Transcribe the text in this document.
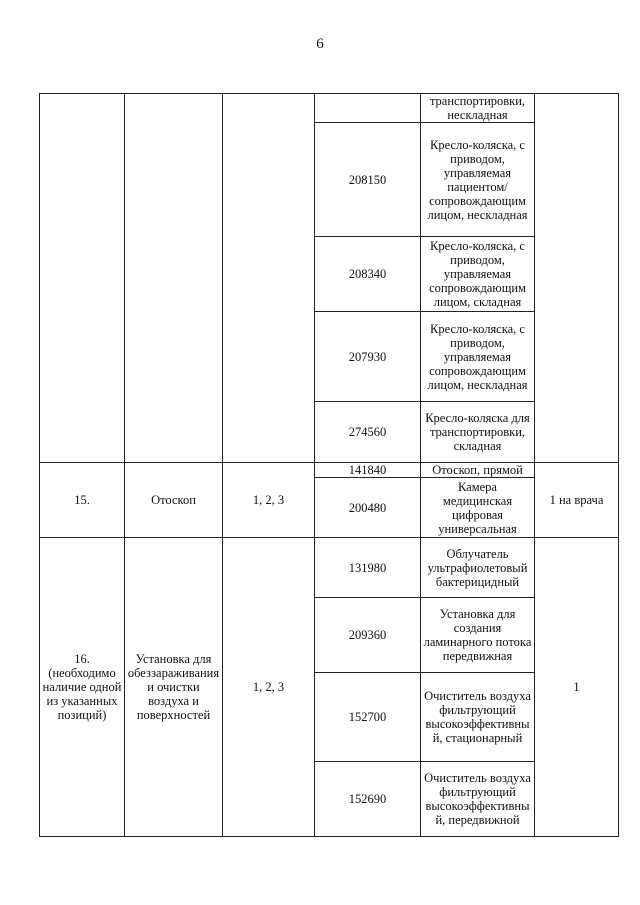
6
				транспортировки, нескладная	
			208150	Кресло-коляска, с приводом, управляемая пациентом/ сопровождающим лицом, нескладная	
			208340	Кресло-коляска, с приводом, управляемая сопровождающим лицом, складная	
			207930	Кресло-коляска, с приводом, управляемая сопровождающим лицом, нескладная	
			274560	Кресло-коляска для транспортировки, складная	
15.	Отоскоп	1, 2, 3	141840	Отоскоп, прямой	1 на врача
			200480	Камера медицинская цифровая универсальная	
16. (необходимо наличие одной из указанных позиций)	Установка для обеззараживания и очистки воздуха и поверхностей	1, 2, 3	131980	Облучатель ультрафиолетовый бактерицидный	1
			209360	Установка для создания ламинарного потока передвижная	
			152700	Очиститель воздуха фильтрующий высокоэффективный, стационарный	
			152690	Очиститель воздуха фильтрующий высокоэффективный, передвижной	
